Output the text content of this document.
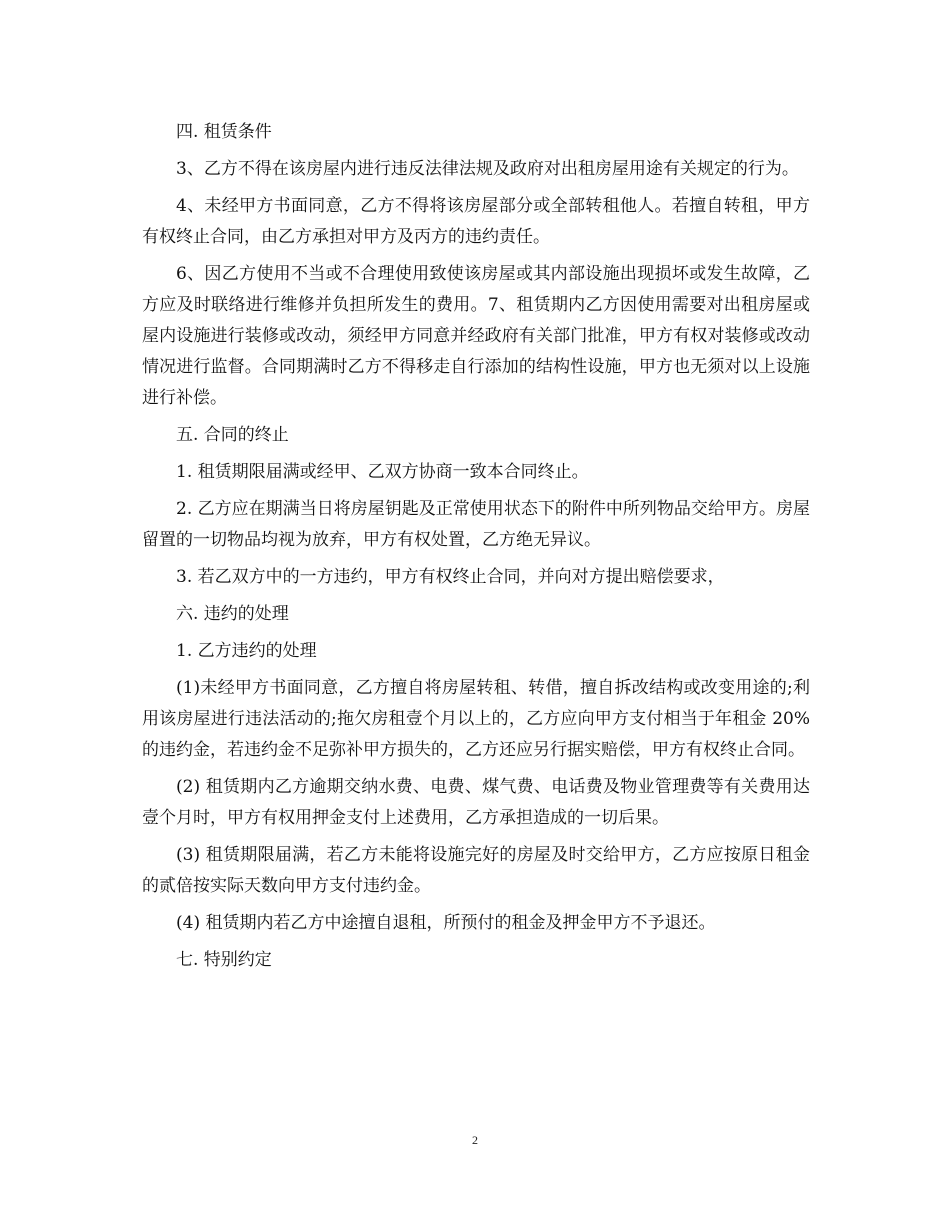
四. 租赁条件

3、乙方不得在该房屋内进行违反法律法规及政府对出租房屋用途有关规定的行为。

4、未经甲方书面同意，乙方不得将该房屋部分或全部转租他人。若擅自转租，甲方有权终止合同，由乙方承担对甲方及丙方的违约责任。

6、因乙方使用不当或不合理使用致使该房屋或其内部设施出现损坏或发生故障，乙方应及时联络进行维修并负担所发生的费用。7、租赁期内乙方因使用需要对出租房屋或屋内设施进行装修或改动，须经甲方同意并经政府有关部门批准，甲方有权对装修或改动情况进行监督。合同期满时乙方不得移走自行添加的结构性设施，甲方也无须对以上设施进行补偿。

五. 合同的终止

1. 租赁期限届满或经甲、乙双方协商一致本合同终止。

2. 乙方应在期满当日将房屋钥匙及正常使用状态下的附件中所列物品交给甲方。房屋留置的一切物品均视为放弃，甲方有权处置，乙方绝无异议。

3. 若乙双方中的一方违约，甲方有权终止合同，并向对方提出赔偿要求，

六. 违约的处理

1. 乙方违约的处理

(1)未经甲方书面同意，乙方擅自将房屋转租、转借，擅自拆改结构或改变用途的;利用该房屋进行违法活动的;拖欠房租壹个月以上的，乙方应向甲方支付相当于年租金 20%的违约金，若违约金不足弥补甲方损失的，乙方还应另行据实赔偿，甲方有权终止合同。

(2) 租赁期内乙方逾期交纳水费、电费、煤气费、电话费及物业管理费等有关费用达壹个月时，甲方有权用押金支付上述费用，乙方承担造成的一切后果。

(3) 租赁期限届满，若乙方未能将设施完好的房屋及时交给甲方，乙方应按原日租金的贰倍按实际天数向甲方支付违约金。

(4) 租赁期内若乙方中途擅自退租，所预付的租金及押金甲方不予退还。

七. 特别约定

2
